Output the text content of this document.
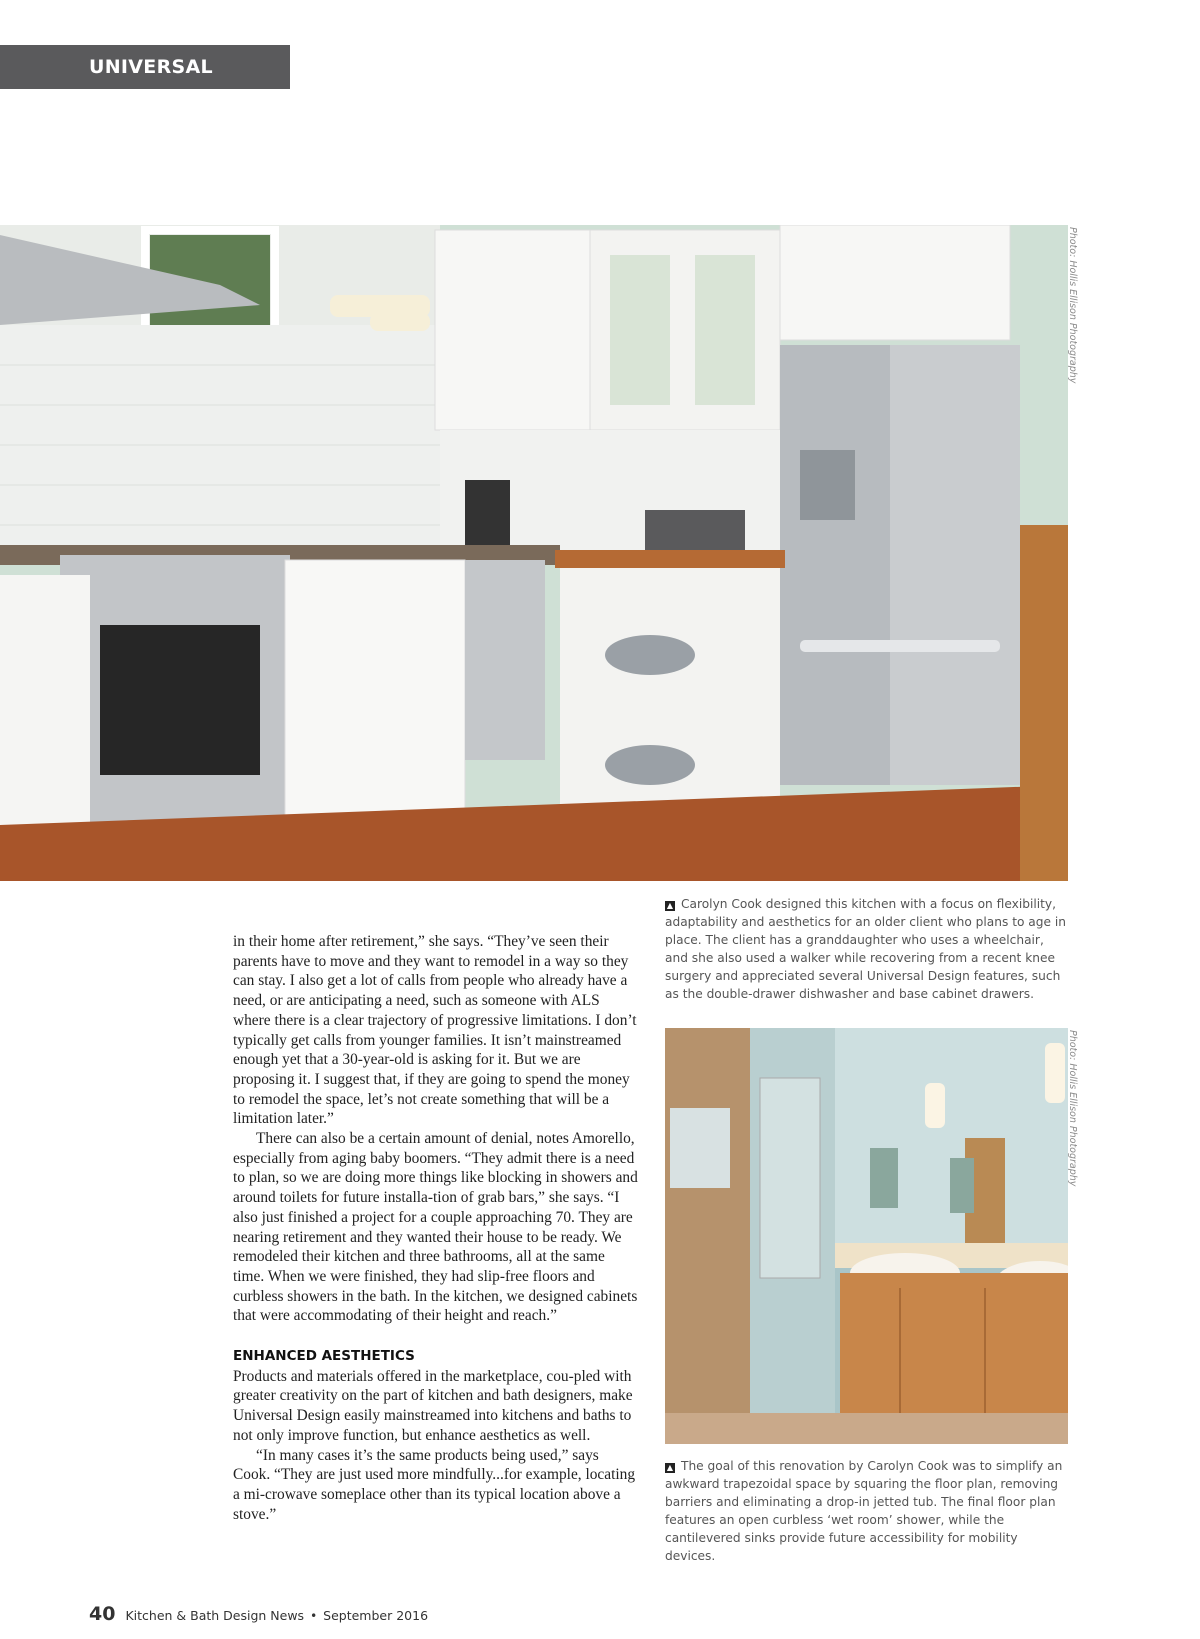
UNIVERSAL DESIGN
Photo: Hollis Ellison Photography
Photo: Hollis Ellison Photography

in their home after retirement,” she says. “They’ve seen their parents have to move and they want to remodel in a way so they can stay. I also get a lot of calls from people who already have a need, or are anticipating a need, such as someone with ALS where there is a clear trajectory of progressive limitations. I don’t typically get calls from younger families. It isn’t mainstreamed enough yet that a 30-year-old is asking for it. But we are proposing it. I suggest that, if they are going to spend the money to remodel the space, let’s not create something that will be a limitation later.”

There can also be a certain amount of denial, notes Amorello, especially from aging baby boomers. “They admit there is a need to plan, so we are doing more things like blocking in showers and around toilets for future installa-tion of grab bars,” she says. “I also just finished a project for a couple approaching 70. They are nearing retirement and they wanted their house to be ready. We remodeled their kitchen and three bathrooms, all at the same time. When we were finished, they had slip-free floors and curbless showers in the bath. In the kitchen, we designed cabinets that were accommodating of their height and reach.”

ENHANCED AESTHETICS

Products and materials offered in the marketplace, cou-pled with greater creativity on the part of kitchen and bath designers, make Universal Design easily mainstreamed into kitchens and baths to not only improve function, but enhance aesthetics as well.

“In many cases it’s the same products being used,” says Cook. “They are just used more mindfully...for example, locating a mi-crowave someplace other than its typical location above a stove.”

▲ Carolyn Cook designed this kitchen with a focus on flexibility, adaptability and aesthetics for an older client who plans to age in place. The client has a granddaughter who uses a wheelchair, and she also used a walker while recovering from a recent knee surgery and appreciated several Universal Design features, such as the double-drawer dishwasher and base cabinet drawers.
▲ The goal of this renovation by Carolyn Cook was to simplify an awkward trapezoidal space by squaring the floor plan, removing barriers and eliminating a drop-in jetted tub. The final floor plan features an open curbless ‘wet room’ shower, while the cantilevered sinks provide future accessibility for mobility devices.
40 Kitchen & Bath Design News • September 2016
